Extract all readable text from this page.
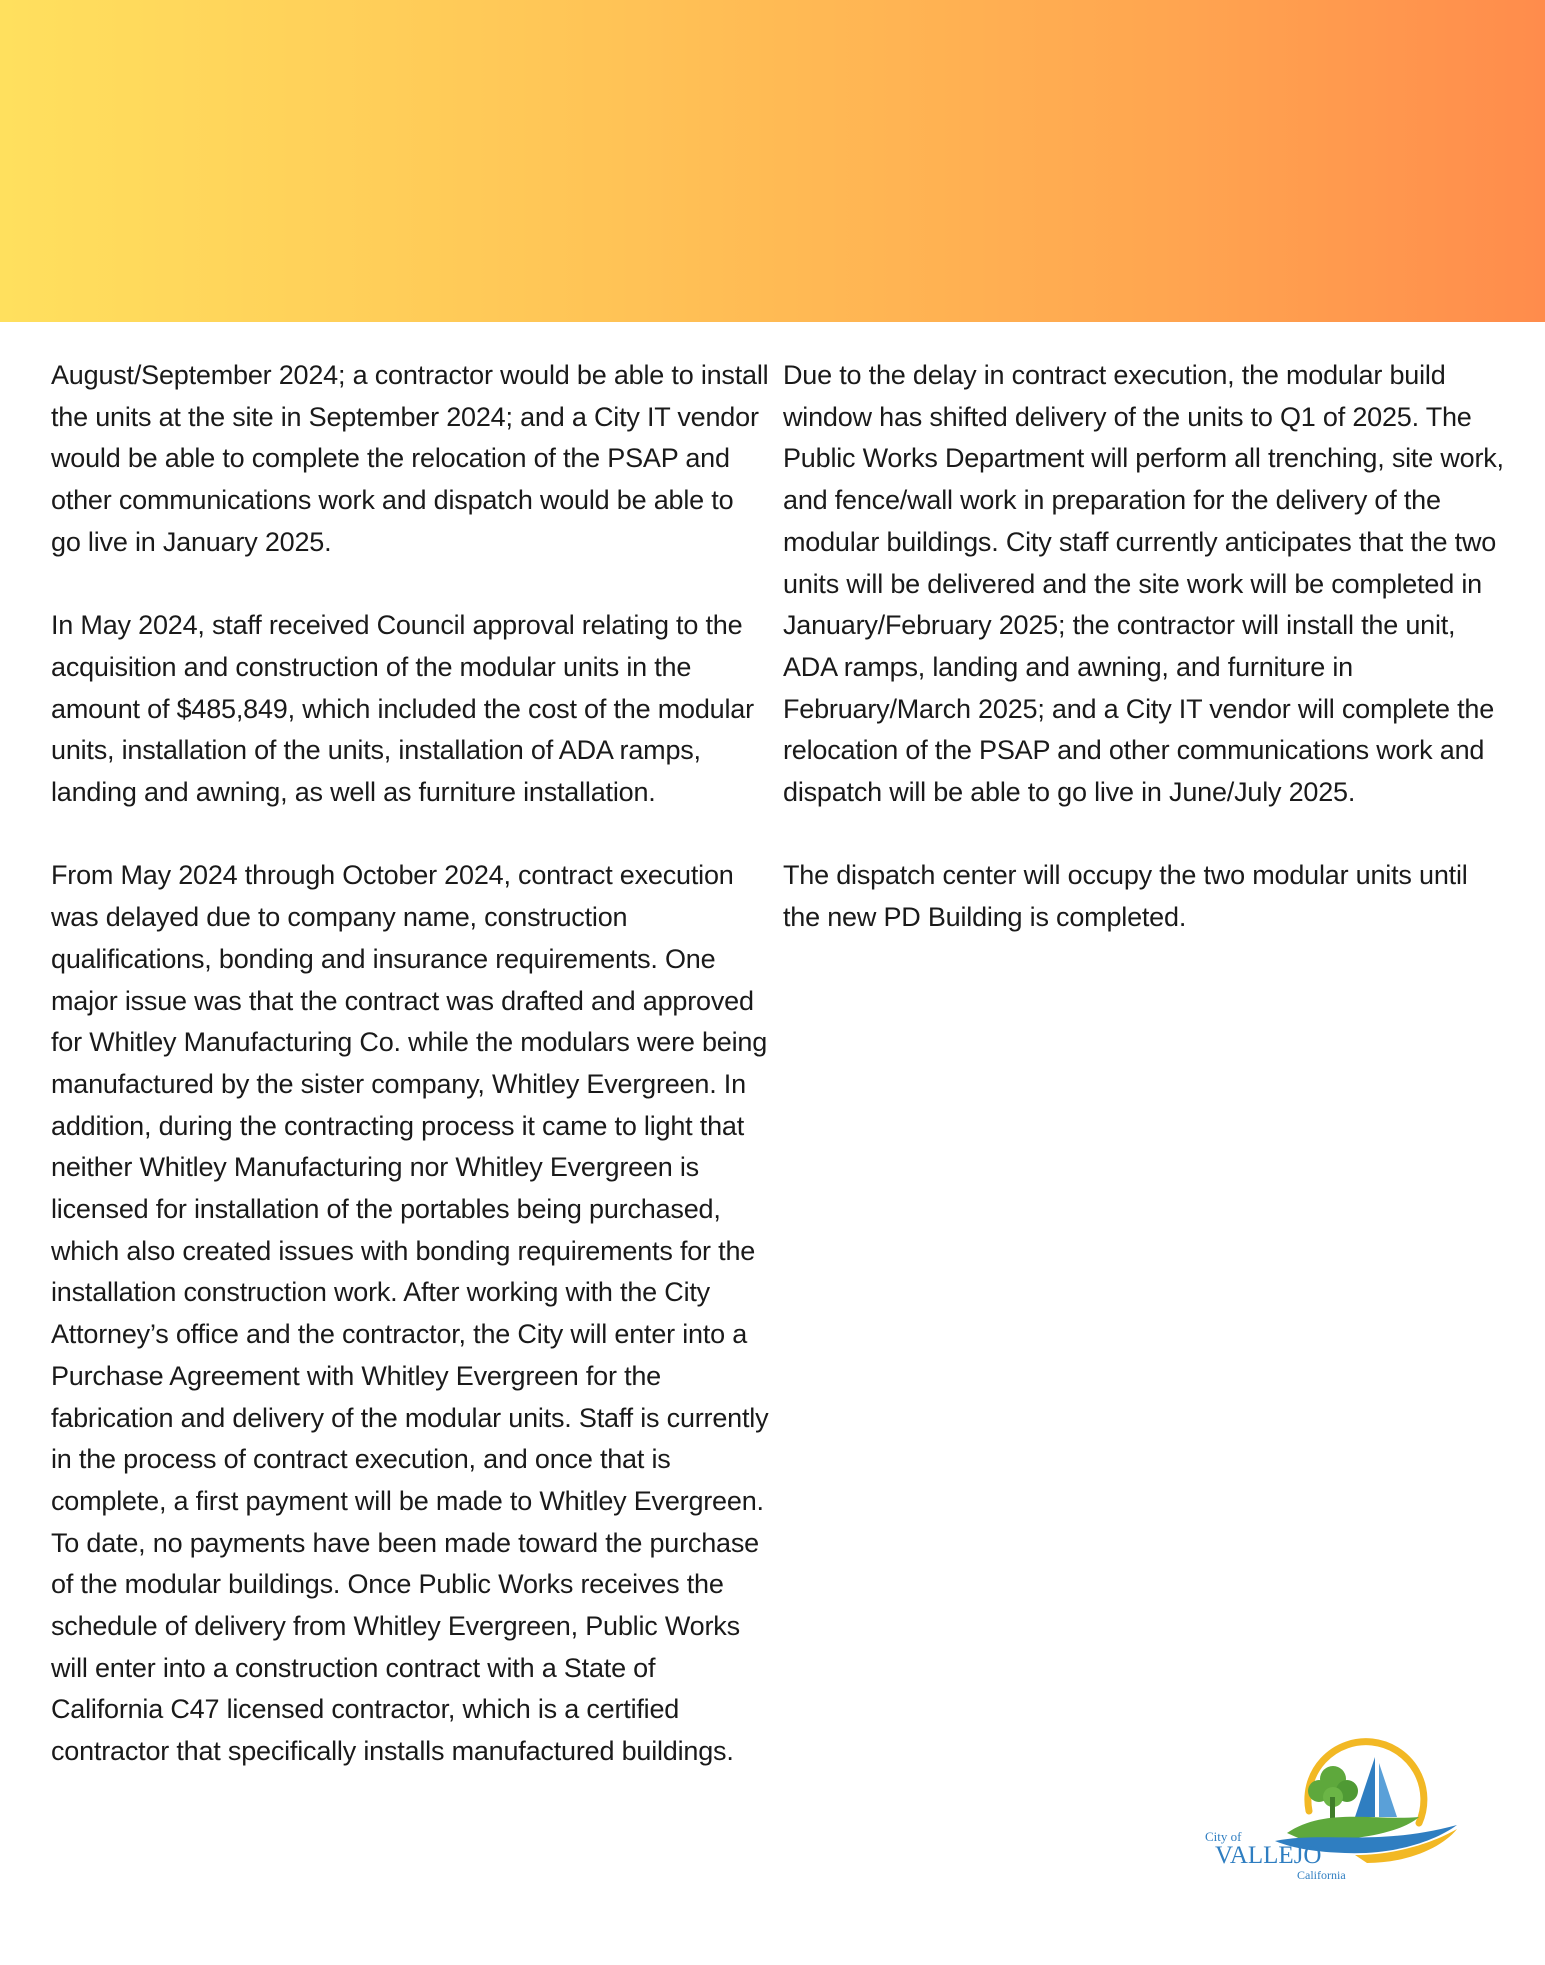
August/September 2024; a contractor would be able to install the units at the site in September 2024; and a City IT vendor would be able to complete the relocation of the PSAP and other communications work and dispatch would be able to go live in January 2025.

In May 2024, staff received Council approval relating to the acquisition and construction of the modular units in the amount of $485,849, which included the cost of the modular units, installation of the units, installation of ADA ramps, landing and awning, as well as furniture installation.

From May 2024 through October 2024, contract execution was delayed due to company name, construction qualifications, bonding and insurance requirements. One major issue was that the contract was drafted and approved for Whitley Manufacturing Co. while the modulars were being manufactured by the sister company, Whitley Evergreen. In addition, during the contracting process it came to light that neither Whitley Manufacturing nor Whitley Evergreen is licensed for installation of the portables being purchased, which also created issues with bonding requirements for the installation construction work. After working with the City Attorney’s office and the contractor, the City will enter into a Purchase Agreement with Whitley Evergreen for the fabrication and delivery of the modular units. Staff is currently in the process of contract execution, and once that is complete, a first payment will be made to Whitley Evergreen. To date, no payments have been made toward the purchase of the modular buildings. Once Public Works receives the schedule of delivery from Whitley Evergreen, Public Works will enter into a construction contract with a State of California C47 licensed contractor, which is a certified contractor that specifically installs manufactured buildings.

Due to the delay in contract execution, the modular build window has shifted delivery of the units to Q1 of 2025. The Public Works Department will perform all trenching, site work, and fence/wall work in preparation for the delivery of the modular buildings. City staff currently anticipates that the two units will be delivered and the site work will be completed in January/February 2025; the contractor will install the unit, ADA ramps, landing and awning, and furniture in February/March 2025; and a City IT vendor will complete the relocation of the PSAP and other communications work and dispatch will be able to go live in June/July 2025.

The dispatch center will occupy the two modular units until the new PD Building is completed.

City of
VALLEJO
California
